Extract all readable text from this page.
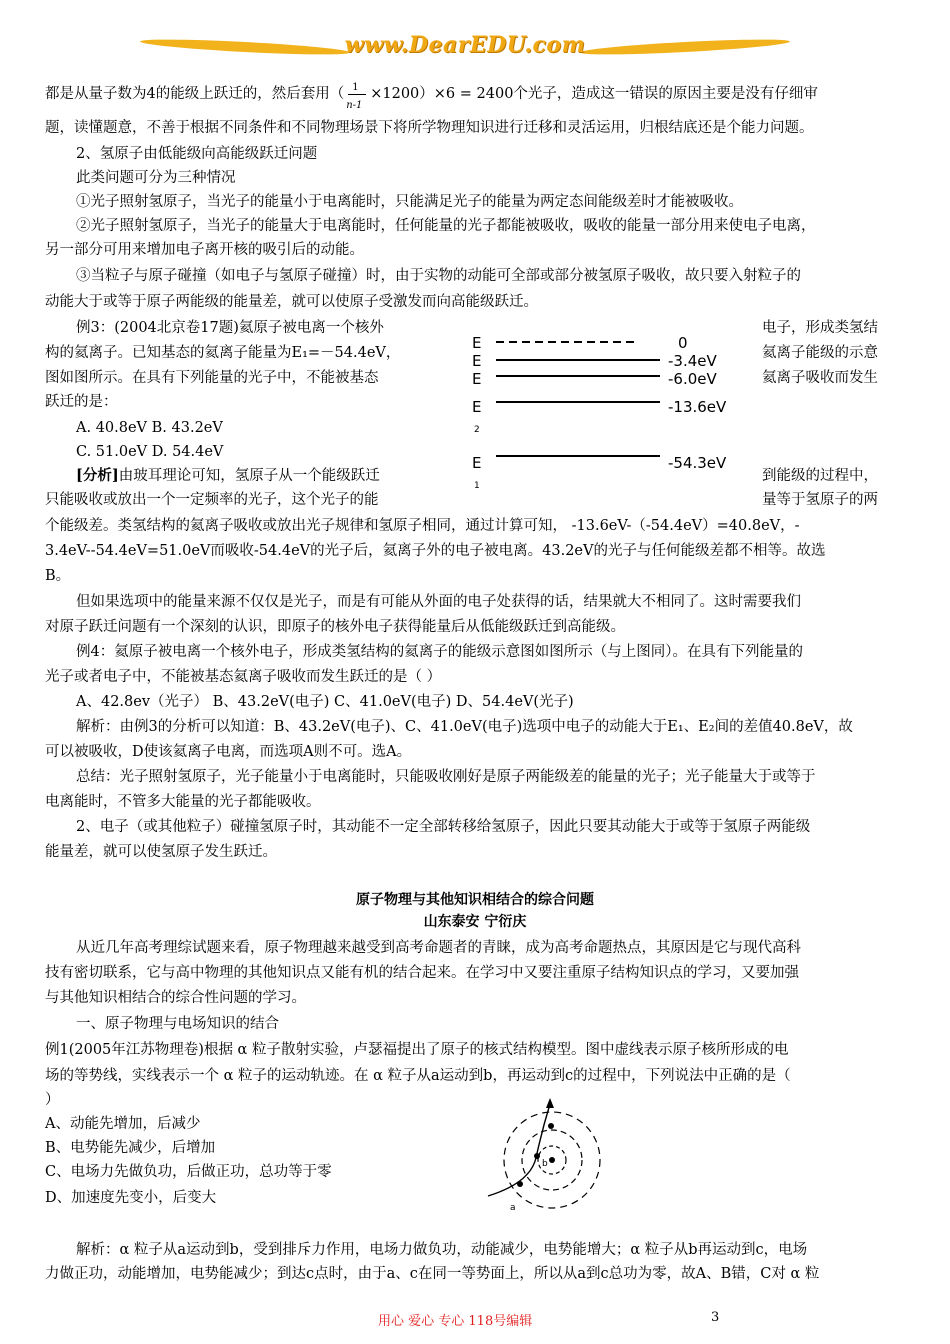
www.DearEDU.com
都是从量子数为4的能级上跃迁的，然后套用（ $\frac{1}{n-1} \times 1200)\times 6 = 2400$个光子，造成这一错误的原因主要是没有仔细审
题，读懂题意，不善于根据不同条件和不同物理场景下将所学物理知识进行迁移和灵活运用，归根结底还是个能力问题。
2、氢原子由低能级向高能级跃迁问题
此类问题可分为三种情况
①光子照射氢原子，当光子的能量小于电离能时，只能满足光子的能量为两定态间能级差时才能被吸收。
②光子照射氢原子，当光子的能量大于电离能时，任何能量的光子都能被吸收，吸收的能量一部分用来使电子电离，
另一部分可用来增加电子离开核的吸引后的动能。
③当粒子与原子碰撞（如电子与氢原子碰撞）时，由于实物的动能可全部或部分被氢原子吸收，故只要入射粒子的
动能大于或等于原子两能级的能量差，就可以使原子受激发而向高能级跃迁。
例3：(2004北京卷17题)氦原子被电离一个核外	电子，形成类氢结
构的氦离子。已知基态的氦离子能量为E₁=－54.4eV，	氦离子能级的示意
图如图所示。在具有下列能量的光子中，不能被基态	氦离子吸收而发生
跃迁的是：
A. 40.8eV B. 43.2eV
C. 51.0eV D. 54.4eV
[分析]由玻耳理论可知，氢原子从一个能级跃迁	到能级的过程中，
只能吸收或放出一个一定频率的光子，这个光子的能	量等于氢原子的两
个能级差。类氢结构的氦离子吸收或放出光子规律和氢原子相同，通过计算可知， -13.6eV-（-54.4eV）=40.8eV，-
3.4eV--54.4eV=51.0eV而吸收-54.4eV的光子后，氦离子外的电子被电离。43.2eV的光子与任何能级差都不相等。故选
B。
但如果选项中的能量来源不仅仅是光子，而是有可能从外面的电子处获得的话，结果就大不相同了。这时需要我们
对原子跃迁问题有一个深刻的认识，即原子的核外电子获得能量后从低能级跃迁到高能级。
例4：氦原子被电离一个核外电子，形成类氢结构的氦离子的能级示意图如图所示（与上图同）。在具有下列能量的
光子或者电子中，不能被基态氦离子吸收而发生跃迁的是（ ）
A、42.8ev（光子） B、43.2eV(电子) C、41.0eV(电子) D、54.4eV(光子)
解析：由例3的分析可以知道：B、43.2eV(电子)、C、41.0eV(电子)选项中电子的动能大于E₁、E₂间的差值40.8eV，故
可以被吸收，D使该氦离子电离，而选项A则不可。选A。
总结：光子照射氢原子，光子能量小于电离能时，只能吸收刚好是原子两能级差的能量的光子；光子能量大于或等于
电离能时，不管多大能量的光子都能吸收。
2、电子（或其他粒子）碰撞氢原子时，其动能不一定全部转移给氢原子，因此只要其动能大于或等于氢原子两能级
能量差，就可以使氢原子发生跃迁。
原子物理与其他知识相结合的综合问题
山东泰安 宁衍庆
从近几年高考理综试题来看，原子物理越来越受到高考命题者的青睐，成为高考命题热点，其原因是它与现代高科
技有密切联系，它与高中物理的其他知识点又能有机的结合起来。在学习中又要注重原子结构知识点的学习，又要加强
与其他知识相结合的综合性问题的学习。
一、原子物理与电场知识的结合
例1(2005年江苏物理卷)根据 α 粒子散射实验，卢瑟福提出了原子的核式结构模型。图中虚线表示原子核所形成的电
场的等势线，实线表示一个 α 粒子的运动轨迹。在 α 粒子从a运动到b，再运动到c的过程中，下列说法中正确的是（
）
A、动能先增加，后减少
B、电势能先减少，后增加
C、电场力先做负功，后做正功，总功等于零
D、加速度先变小，后变大
解析：α 粒子从a运动到b，受到排斥力作用，电场力做负功，动能减少，电势能增大；α 粒子从b再运动到c，电场
力做正功，动能增加，电势能减少；到达c点时，由于a、c在同一等势面上，所以从a到c总功为零，故A、B错，C对 α 粒
E
E
E
E
2
E
1
0
-3.4eV
-6.0eV
-13.6eV
-54.3eV
b
a
用心 爱心 专心 118号编辑	3
